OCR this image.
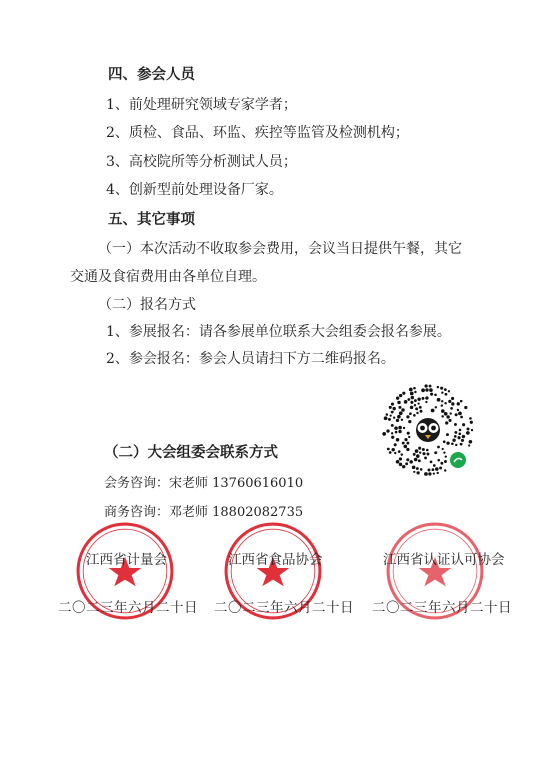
四、参会人员
1、前处理研究领域专家学者；
2、质检、食品、环监、疾控等监管及检测机构；
3、高校院所等分析测试人员；
4、创新型前处理设备厂家。
五、其它事项
（一）本次活动不收取参会费用，会议当日提供午餐，其它
交通及食宿费用由各单位自理。
（二）报名方式
1、参展报名：请各参展单位联系大会组委会报名参展。
2、参会报名：参会人员请扫下方二维码报名。
（二）大会组委会联系方式
会务咨询：宋老师 13760616010
商务咨询：邓老师 18802082735
江西省计量会	江西省食品协会	江西省认证认可协会
二〇二三年六月二十日 二〇二三年六月二十日 二〇二三年六月二十日
